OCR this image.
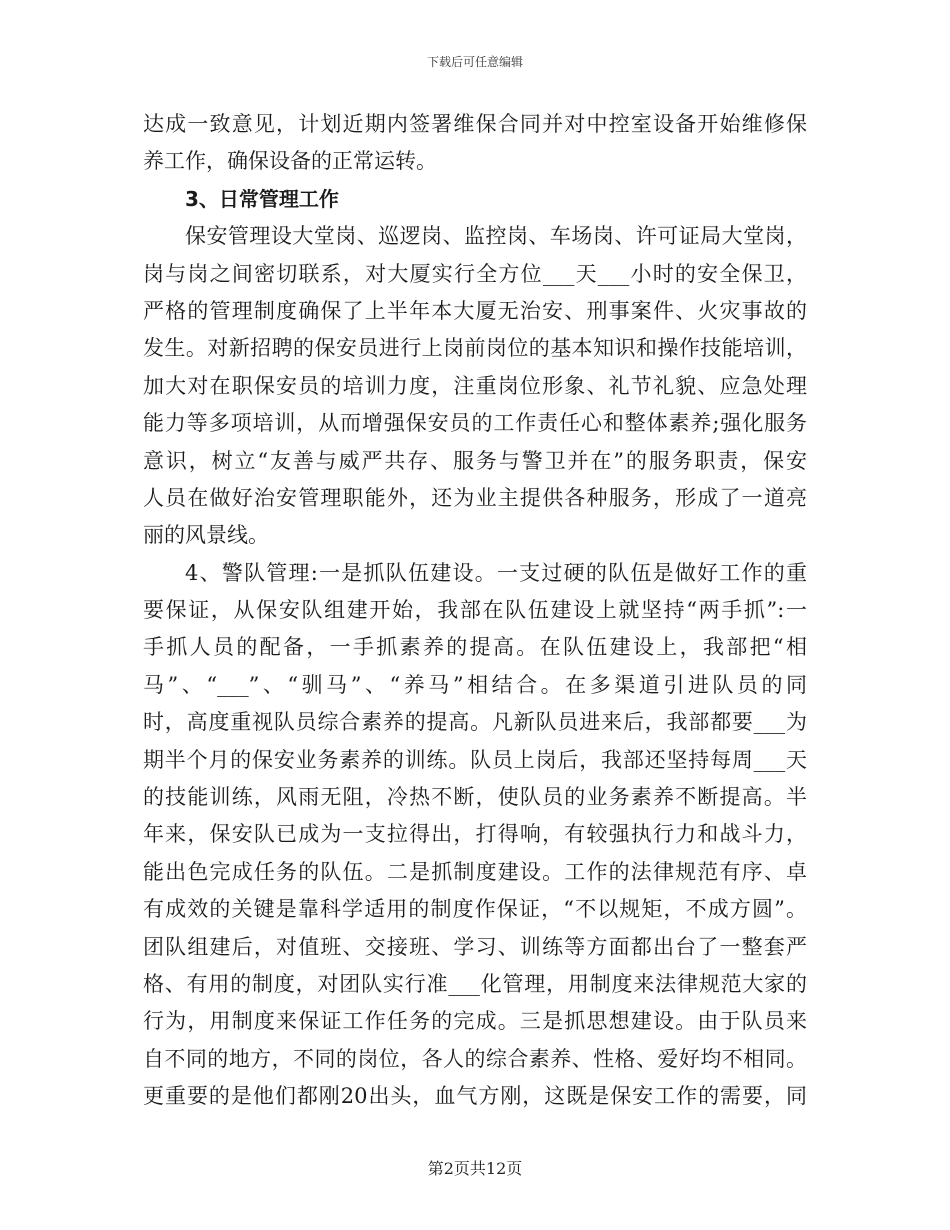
下载后可任意编辑
达成一致意见，计划近期内签署维保合同并对中控室设备开始维修保
养工作，确保设备的正常运转。
3、日常管理工作
保安管理设大堂岗、巡逻岗、监控岗、车场岗、许可证局大堂岗，
岗与岗之间密切联系，对大厦实行全方位___天___小时的安全保卫，
严格的管理制度确保了上半年本大厦无治安、刑事案件、火灾事故的
发生。对新招聘的保安员进行上岗前岗位的基本知识和操作技能培训，
加大对在职保安员的培训力度，注重岗位形象、礼节礼貌、应急处理
能力等多项培训，从而增强保安员的工作责任心和整体素养;强化服务
意识，树立“友善与威严共存、服务与警卫并在”的服务职责，保安
人员在做好治安管理职能外，还为业主提供各种服务，形成了一道亮
丽的风景线。
4、警队管理:一是抓队伍建设。一支过硬的队伍是做好工作的重
要保证，从保安队组建开始，我部在队伍建设上就坚持“两手抓”:一
手抓人员的配备，一手抓素养的提高。在队伍建设上，我部把“相
马”、“___”、“驯马”、“养马”相结合。在多渠道引进队员的同
时，高度重视队员综合素养的提高。凡新队员进来后，我部都要___为
期半个月的保安业务素养的训练。队员上岗后，我部还坚持每周___天
的技能训练，风雨无阻，冷热不断，使队员的业务素养不断提高。半
年来，保安队已成为一支拉得出，打得响，有较强执行力和战斗力，
能出色完成任务的队伍。二是抓制度建设。工作的法律规范有序、卓
有成效的关键是靠科学适用的制度作保证，“不以规矩，不成方圆”。
团队组建后，对值班、交接班、学习、训练等方面都出台了一整套严
格、有用的制度，对团队实行准___化管理，用制度来法律规范大家的
行为，用制度来保证工作任务的完成。三是抓思想建设。由于队员来
自不同的地方，不同的岗位，各人的综合素养、性格、爱好均不相同。
更重要的是他们都刚20出头，血气方刚，这既是保安工作的需要，同
第2页共12页
